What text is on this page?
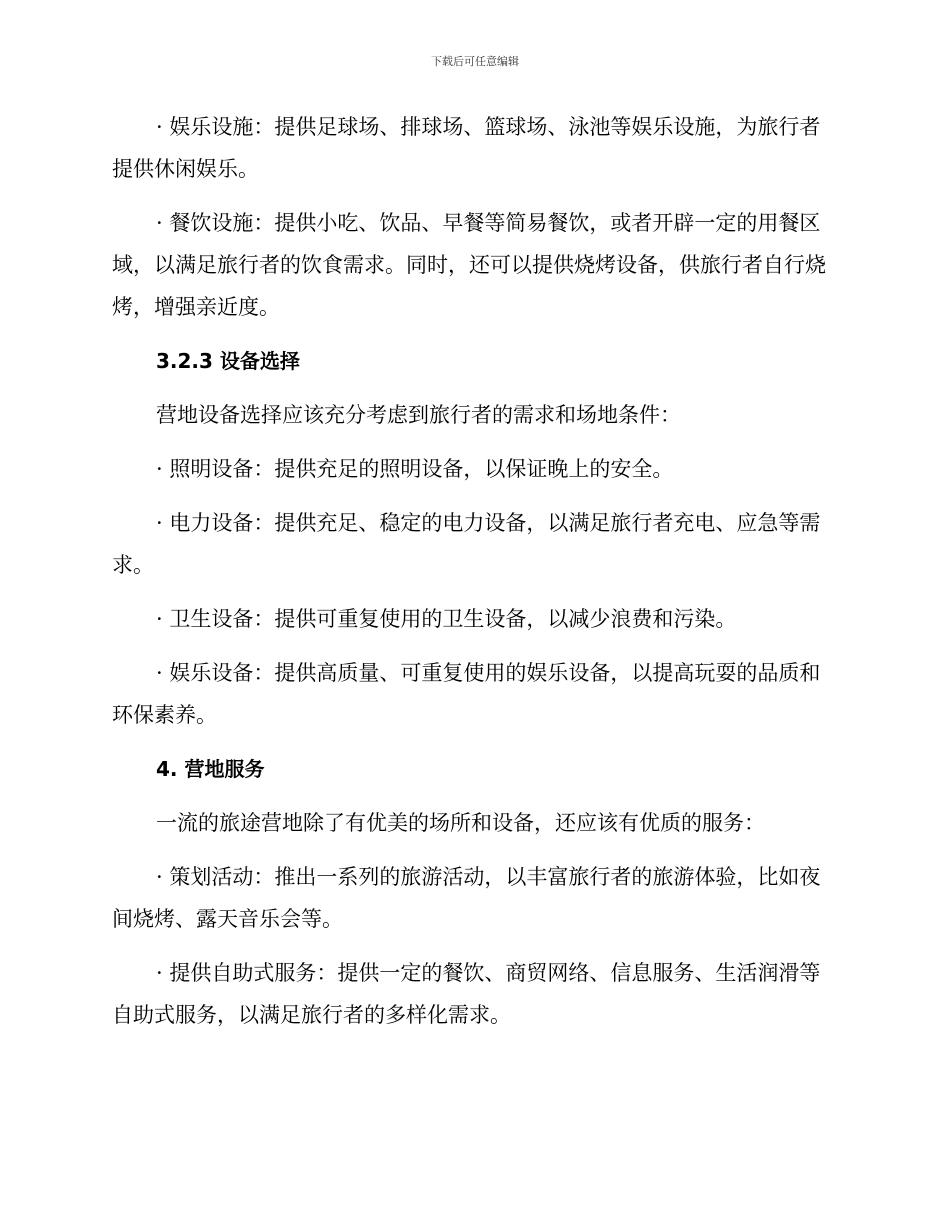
下载后可任意编辑

· 娱乐设施：提供足球场、排球场、篮球场、泳池等娱乐设施，为旅行者提供休闲娱乐。

· 餐饮设施：提供小吃、饮品、早餐等简易餐饮，或者开辟一定的用餐区域，以满足旅行者的饮食需求。同时，还可以提供烧烤设备，供旅行者自行烧烤，增强亲近度。

3.2.3 设备选择

营地设备选择应该充分考虑到旅行者的需求和场地条件：

· 照明设备：提供充足的照明设备，以保证晚上的安全。

· 电力设备：提供充足、稳定的电力设备，以满足旅行者充电、应急等需求。

· 卫生设备：提供可重复使用的卫生设备，以减少浪费和污染。

· 娱乐设备：提供高质量、可重复使用的娱乐设备，以提高玩耍的品质和环保素养。

4. 营地服务

一流的旅途营地除了有优美的场所和设备，还应该有优质的服务：

· 策划活动：推出一系列的旅游活动，以丰富旅行者的旅游体验，比如夜间烧烤、露天音乐会等。

· 提供自助式服务：提供一定的餐饮、商贸网络、信息服务、生活润滑等自助式服务，以满足旅行者的多样化需求。
